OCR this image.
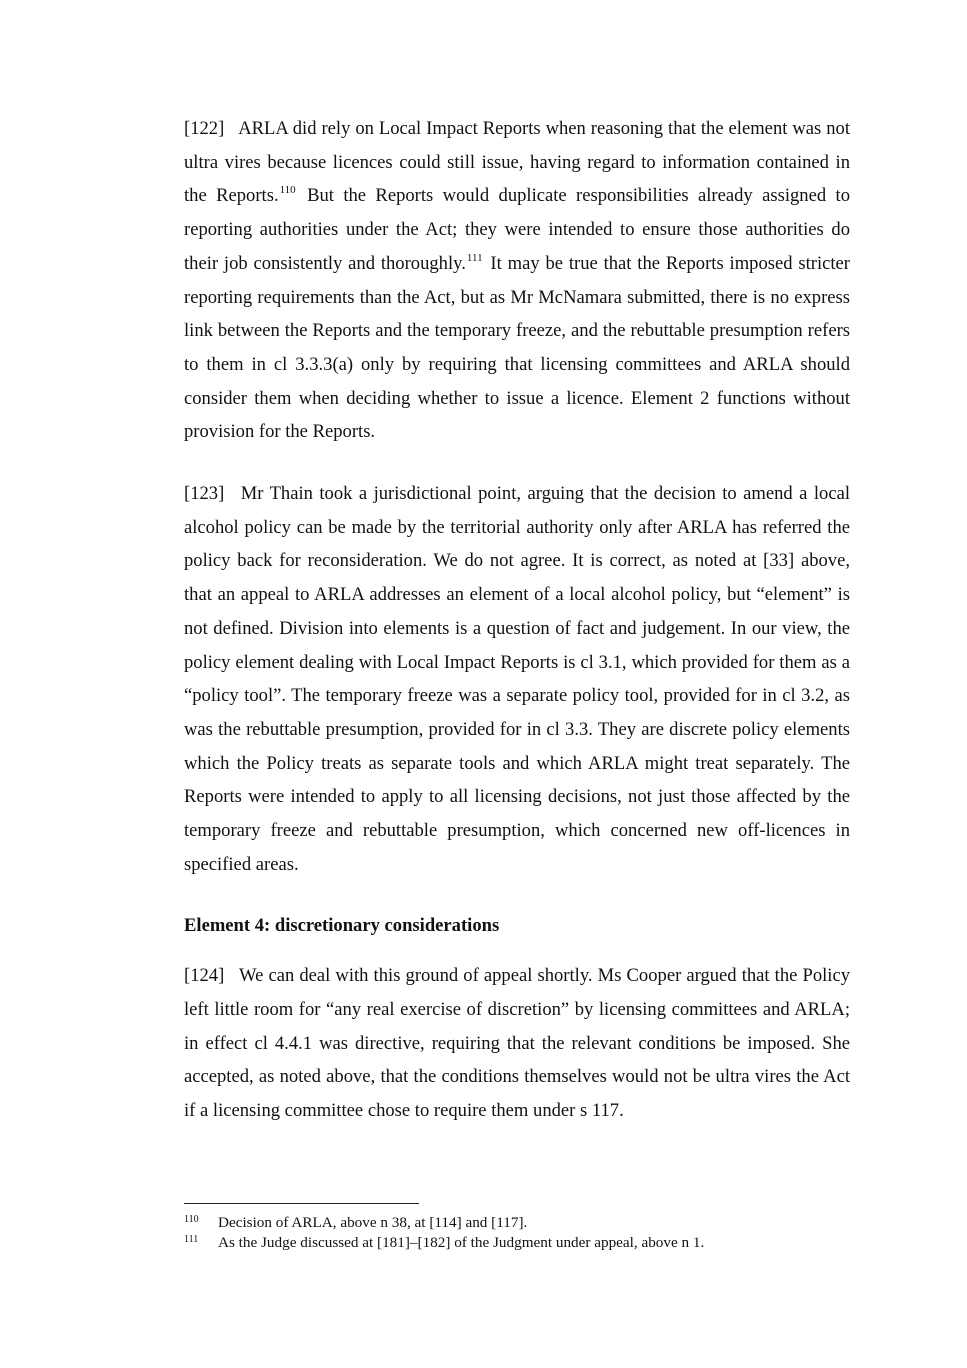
[122] ARLA did rely on Local Impact Reports when reasoning that the element was not ultra vires because licences could still issue, having regard to information contained in the Reports.$^{110}$ But the Reports would duplicate responsibilities already assigned to reporting authorities under the Act; they were intended to ensure those authorities do their job consistently and thoroughly.$^{111}$ It may be true that the Reports imposed stricter reporting requirements than the Act, but as Mr McNamara submitted, there is no express link between the Reports and the temporary freeze, and the rebuttable presumption refers to them in cl 3.3.3(a) only by requiring that licensing committees and ARLA should consider them when deciding whether to issue a licence. Element 2 functions without provision for the Reports.

[123] Mr Thain took a jurisdictional point, arguing that the decision to amend a local alcohol policy can be made by the territorial authority only after ARLA has referred the policy back for reconsideration. We do not agree. It is correct, as noted at [33] above, that an appeal to ARLA addresses an element of a local alcohol policy, but “element” is not defined. Division into elements is a question of fact and judgement. In our view, the policy element dealing with Local Impact Reports is cl 3.1, which provided for them as a “policy tool”. The temporary freeze was a separate policy tool, provided for in cl 3.2, as was the rebuttable presumption, provided for in cl 3.3. They are discrete policy elements which the Policy treats as separate tools and which ARLA might treat separately. The Reports were intended to apply to all licensing decisions, not just those affected by the temporary freeze and rebuttable presumption, which concerned new off-licences in specified areas.

Element 4: discretionary considerations

[124] We can deal with this ground of appeal shortly. Ms Cooper argued that the Policy left little room for “any real exercise of discretion” by licensing committees and ARLA; in effect cl 4.4.1 was directive, requiring that the relevant conditions be imposed. She accepted, as noted above, that the conditions themselves would not be ultra vires the Act if a licensing committee chose to require them under s 117.

110	Decision of ARLA, above n 38, at [114] and [117].
111	As the Judge discussed at [181]–[182] of the Judgment under appeal, above n 1.
